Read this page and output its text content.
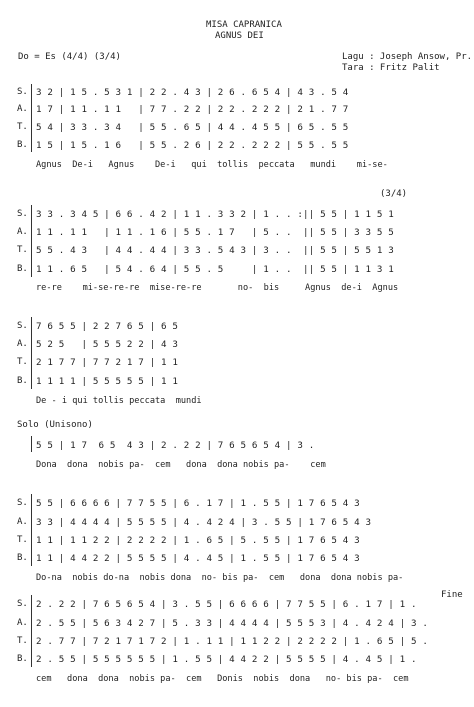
MISA CAPRANICA
AGNUS DEI
Do = Es (4/4) (3/4)	Lagu : Joseph Ansow, Pr.
Tara : Fritz Palit
S.
A.
T.
B.
3 2 | 1 5 . 5 3 1 | 2 2 . 4 3 | 2 6 . 6 5 4 | 4 3 . 5 4
1 7 | 1 1 . 1 1   | 7 7 . 2 2 | 2 2 . 2 2 2 | 2 1 . 7 7
5 4 | 3 3 . 3 4   | 5 5 . 6 5 | 4 4 . 4 5 5 | 6 5 . 5 5
1 5 | 1 5 . 1 6   | 5 5 . 2 6 | 2 2 . 2 2 2 | 5 5 . 5 5
Agnus  De-i   Agnus    De-i   qui  tollis  peccata   mundi    mi-se-
(3/4)
S.
A.
T.
B.
3 3 . 3 4 5 | 6 6 . 4 2 | 1 1 . 3 3 2 | 1 . . :|| 5 5 | 1 1 5 1
1 1 . 1 1   | 1 1 . 1 6 | 5 5 . 1 7   | 5 . .  || 5 5 | 3 3 5 5
5 5 . 4 3   | 4 4 . 4 4 | 3 3 . 5 4 3 | 3 . .  || 5 5 | 5 5 1 3
1 1 . 6 5   | 5 4 . 6 4 | 5 5 . 5     | 1 . .  || 5 5 | 1 1 3 1
re-re    mi-se-re-re  mise-re-re       no-  bis     Agnus  de-i  Agnus
S.
A.
T.
B.
7 6 5 5 | 2 2 7 6 5 | 6 5
5 2 5   | 5 5 5 2 2 | 4 3
2 1 7 7 | 7 7 2 1 7 | 1 1
1 1 1 1 | 5 5 5 5 5 | 1 1
De - i qui tollis peccata  mundi
Solo (Unisono)
5 5 | 1 7  6 5  4 3 | 2 . 2 2 | 7 6 5 6 5 4 | 3 .
Dona  dona  nobis pa-  cem   dona  dona nobis pa-    cem
S.
A.
T.
B.
5 5 | 6 6 6 6 | 7 7 5 5 | 6 . 1 7 | 1 . 5 5 | 1 7 6 5 4 3
3 3 | 4 4 4 4 | 5 5 5 5 | 4 . 4 2 4 | 3 . 5 5 | 1 7 6 5 4 3
1 1 | 1 1 2 2 | 2 2 2 2 | 1 . 6 5 | 5 . 5 5 | 1 7 6 5 4 3
1 1 | 4 4 2 2 | 5 5 5 5 | 4 . 4 5 | 1 . 5 5 | 1 7 6 5 4 3
Do-na  nobis do-na  nobis dona  no- bis pa-  cem   dona  dona nobis pa-
Fine
S.
A.
T.
B.
2 . 2 2 | 7 6 5 6 5 4 | 3 . 5 5 | 6 6 6 6 | 7 7 5 5 | 6 . 1 7 | 1 .
2 . 5 5 | 5 6 3 4 2 7 | 5 . 3 3 | 4 4 4 4 | 5 5 5 3 | 4 . 4 2 4 | 3 .
2 . 7 7 | 7 2 1 7 1 7 2 | 1 . 1 1 | 1 1 2 2 | 2 2 2 2 | 1 . 6 5 | 5 .
2 . 5 5 | 5 5 5 5 5 5 | 1 . 5 5 | 4 4 2 2 | 5 5 5 5 | 4 . 4 5 | 1 .
cem   dona  dona  nobis pa-  cem   Donis  nobis  dona   no- bis pa-  cem
